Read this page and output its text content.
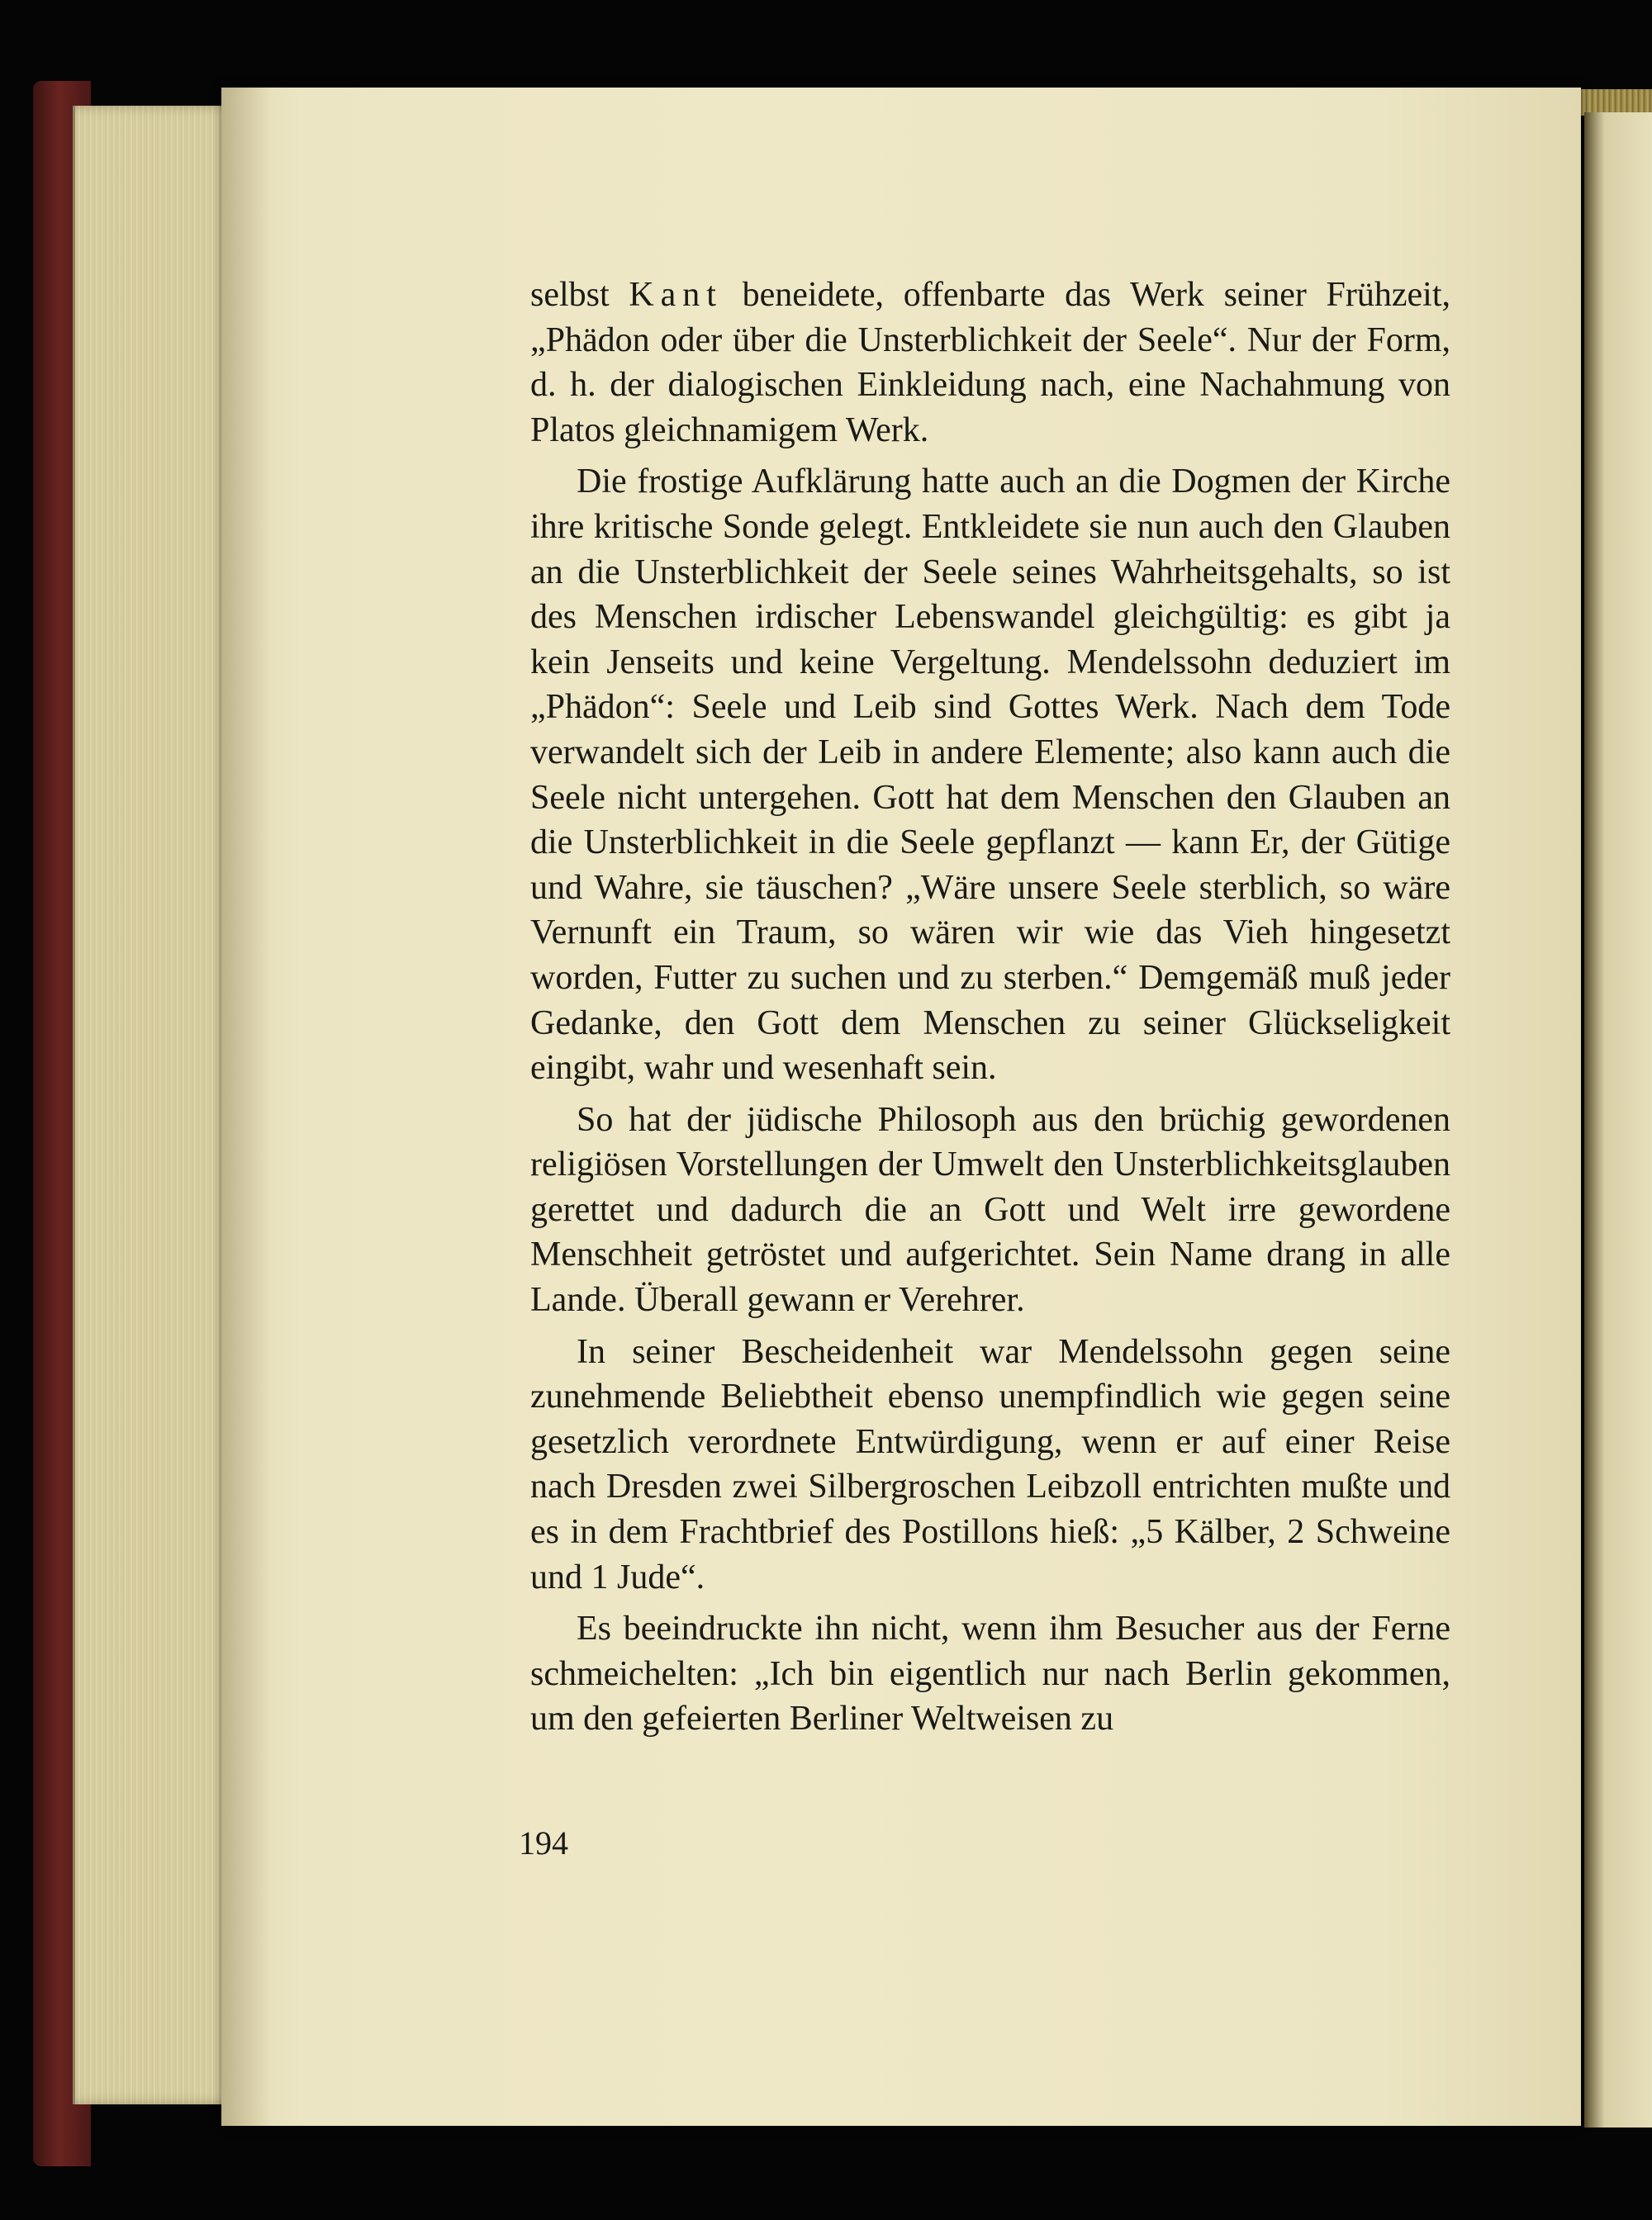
selbst Kant beneidete, offenbarte das Werk seiner Frühzeit, „Phädon oder über die Unsterblichkeit der Seele“. Nur der Form, d. h. der dialogischen Einkleidung nach, eine Nachahmung von Platos gleichnamigem Werk.

Die frostige Aufklärung hatte auch an die Dogmen der Kirche ihre kritische Sonde gelegt. Entkleidete sie nun auch den Glauben an die Unsterblichkeit der Seele seines Wahrheitsgehalts, so ist des Menschen irdischer Lebenswandel gleichgültig: es gibt ja kein Jenseits und keine Vergeltung. Mendelssohn deduziert im „Phädon“: Seele und Leib sind Gottes Werk. Nach dem Tode verwandelt sich der Leib in andere Elemente; also kann auch die Seele nicht untergehen. Gott hat dem Menschen den Glauben an die Unsterblichkeit in die Seele gepflanzt — kann Er, der Gütige und Wahre, sie täuschen? „Wäre unsere Seele sterblich, so wäre Vernunft ein Traum, so wären wir wie das Vieh hingesetzt worden, Futter zu suchen und zu sterben.“ Demgemäß muß jeder Gedanke, den Gott dem Menschen zu seiner Glückseligkeit eingibt, wahr und wesenhaft sein.

So hat der jüdische Philosoph aus den brüchig gewordenen religiösen Vorstellungen der Umwelt den Unsterblichkeitsglauben gerettet und dadurch die an Gott und Welt irre gewordene Menschheit getröstet und aufgerichtet. Sein Name drang in alle Lande. Überall gewann er Verehrer.

In seiner Bescheidenheit war Mendelssohn gegen seine zunehmende Beliebtheit ebenso unempfindlich wie gegen seine gesetzlich verordnete Entwürdigung, wenn er auf einer Reise nach Dresden zwei Silbergroschen Leibzoll entrichten mußte und es in dem Frachtbrief des Postillons hieß: „5 Kälber, 2 Schweine und 1 Jude“.

Es beeindruckte ihn nicht, wenn ihm Besucher aus der Ferne schmeichelten: „Ich bin eigentlich nur nach Berlin gekommen, um den gefeierten Berliner Weltweisen zu

194
